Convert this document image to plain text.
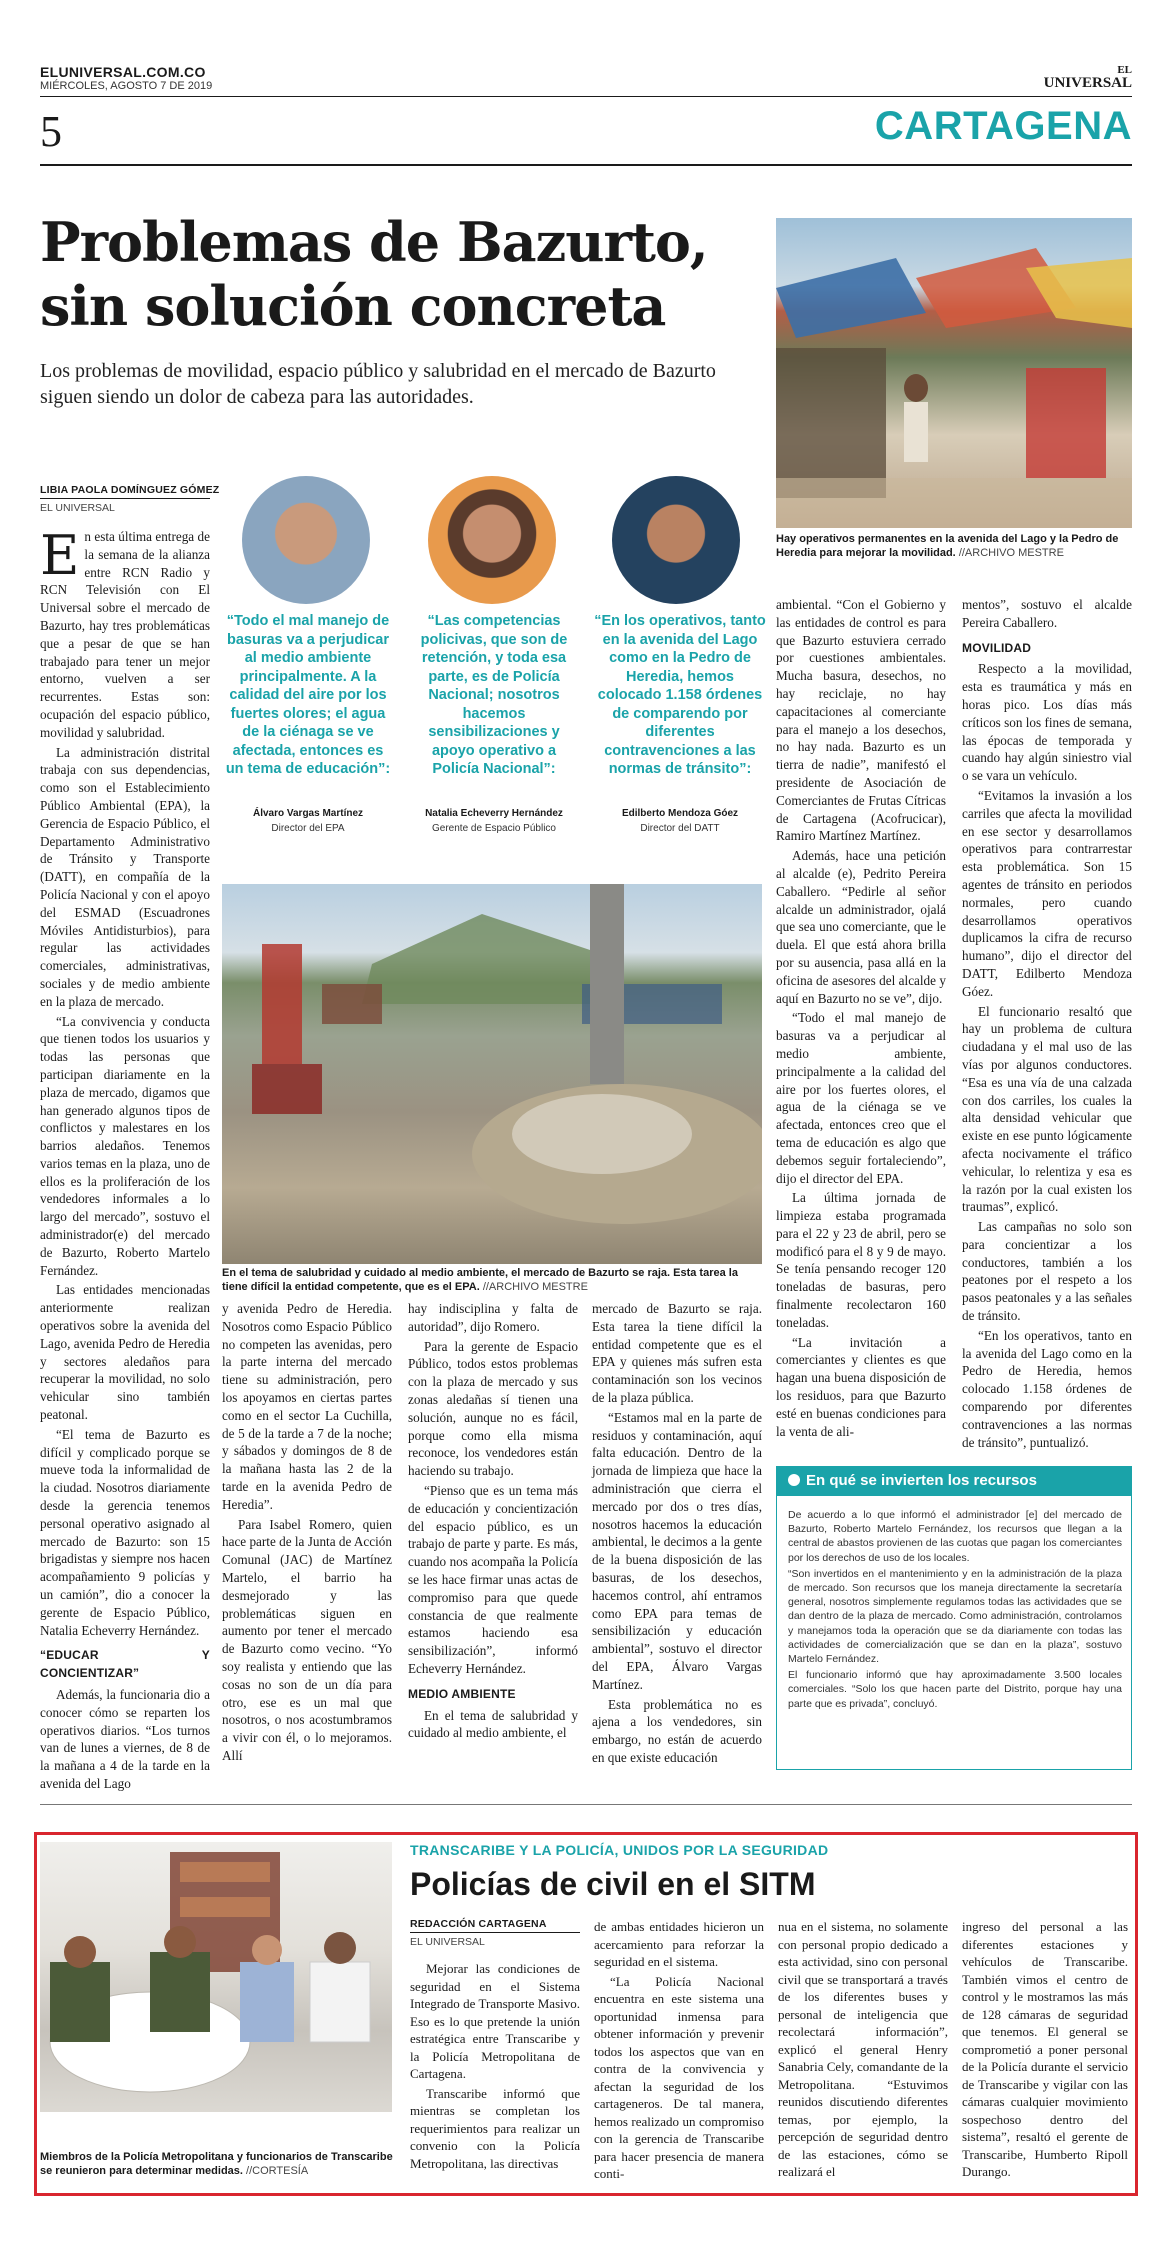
ELUNIVERSAL.COM.CO
MIÉRCOLES, AGOSTO 7 DE 2019
EL
UNIVERSAL
5	CARTAGENA
Problemas de Bazurto, sin solución concreta
Los problemas de movilidad, espacio público y salubridad en el mercado de Bazurto siguen siendo un dolor de cabeza para las autoridades.
Hay operativos permanentes en la avenida del Lago y la Pedro de Heredia para mejorar la movilidad. //ARCHIVO MESTRE
LIBIA PAOLA DOMÍNGUEZ GÓMEZ
EL UNIVERSAL

En esta última entrega de la semana de la alianza entre RCN Radio y RCN Televisión con El Universal sobre el mercado de Bazurto, hay tres problemáticas que a pesar de que se han trabajado para tener un mejor entorno, vuelven a ser recurrentes. Estas son: ocupación del espacio público, movilidad y salubridad.

La administración distrital trabaja con sus dependencias, como son el Establecimiento Público Ambiental (EPA), la Gerencia de Espacio Público, el Departamento Administrativo de Tránsito y Transporte (DATT), en compañía de la Policía Nacional y con el apoyo del ESMAD (Escuadrones Móviles Antidisturbios), para regular las actividades comerciales, administrativas, sociales y de medio ambiente en la plaza de mercado.

“La convivencia y conducta que tienen todos los usuarios y todas las personas que participan diariamente en la plaza de mercado, digamos que han generado algunos tipos de conflictos y malestares en los barrios aledaños. Tenemos varios temas en la plaza, uno de ellos es la proliferación de los vendedores informales a lo largo del mercado”, sostuvo el administrador(e) del mercado de Bazurto, Roberto Martelo Fernández.

Las entidades mencionadas anteriormente realizan operativos sobre la avenida del Lago, avenida Pedro de Heredia y sectores aledaños para recuperar la movilidad, no solo vehicular sino también peatonal.

“El tema de Bazurto es difícil y complicado porque se mueve toda la informalidad de la ciudad. Nosotros diariamente desde la gerencia tenemos personal operativo asignado al mercado de Bazurto: son 15 brigadistas y siempre nos hacen acompañamiento 9 policías y un camión”, dio a conocer la gerente de Espacio Público, Natalia Echeverry Hernández.

“EDUCAR Y CONCIENTIZAR”

Además, la funcionaria dio a conocer cómo se reparten los operativos diarios. “Los turnos van de lunes a viernes, de 8 de la mañana a 4 de la tarde en la avenida del Lago

“Todo el mal manejo de basuras va a perjudicar al medio ambiente principalmente. A la calidad del aire por los fuertes olores; el agua de la ciénaga se ve afectada, entonces es un tema de educación”:
“Las competencias policivas, que son de retención, y toda esa parte, es de Policía Nacional; nosotros hacemos sensibilizaciones y apoyo operativo a Policía Nacional”:
“En los operativos, tanto en la avenida del Lago como en la Pedro de Heredia, hemos colocado 1.158 órdenes de comparendo por diferentes contravenciones a las normas de tránsito”:
Álvaro Vargas Martínez
Director del EPA
Natalia Echeverry Hernández
Gerente de Espacio Público
Edilberto Mendoza Góez
Director del DATT
En el tema de salubridad y cuidado al medio ambiente, el mercado de Bazurto se raja. Esta tarea la tiene difícil la entidad competente, que es el EPA. //ARCHIVO MESTRE

y avenida Pedro de Heredia. Nosotros como Espacio Público no competen las avenidas, pero la parte interna del mercado tiene su administración, pero los apoyamos en ciertas partes como en el sector La Cuchilla, de 5 de la tarde a 7 de la noche; y sábados y domingos de 8 de la mañana hasta las 2 de la tarde en la avenida Pedro de Heredia”.

Para Isabel Romero, quien hace parte de la Junta de Acción Comunal (JAC) de Martínez Martelo, el barrio ha desmejorado y las problemáticas siguen en aumento por tener el mercado de Bazurto como vecino. “Yo soy realista y entiendo que las cosas no son de un día para otro, ese es un mal que nosotros, o nos acostumbramos a vivir con él, o lo mejoramos. Allí

hay indisciplina y falta de autoridad”, dijo Romero.

Para la gerente de Espacio Público, todos estos problemas con la plaza de mercado y sus zonas aledañas sí tienen una solución, aunque no es fácil, porque como ella misma reconoce, los vendedores están haciendo su trabajo.

“Pienso que es un tema más de educación y concientización del espacio público, es un trabajo de parte y parte. Es más, cuando nos acompaña la Policía se les hace firmar unas actas de compromiso para que quede constancia de que realmente estamos haciendo esa sensibilización”, informó Echeverry Hernández.

MEDIO AMBIENTE

En el tema de salubridad y cuidado al medio ambiente, el

mercado de Bazurto se raja. Esta tarea la tiene difícil la entidad competente que es el EPA y quienes más sufren esta contaminación son los vecinos de la plaza pública.

“Estamos mal en la parte de residuos y contaminación, aquí falta educación. Dentro de la jornada de limpieza que hace la administración que cierra el mercado por dos o tres días, nosotros hacemos la educación ambiental, le decimos a la gente de la buena disposición de las basuras, de los desechos, hacemos control, ahí entramos como EPA para temas de sensibilización y educación ambiental”, sostuvo el director del EPA, Álvaro Vargas Martínez.

Esta problemática no es ajena a los vendedores, sin embargo, no están de acuerdo en que existe educación

ambiental. “Con el Gobierno y las entidades de control es para que Bazurto estuviera cerrado por cuestiones ambientales. Mucha basura, desechos, no hay reciclaje, no hay capacitaciones al comerciante para el manejo a los desechos, no hay nada. Bazurto es un tierra de nadie”, manifestó el presidente de Asociación de Comerciantes de Frutas Cítricas de Cartagena (Acofrucicar), Ramiro Martínez Martínez.

Además, hace una petición al alcalde (e), Pedrito Pereira Caballero. “Pedirle al señor alcalde un administrador, ojalá que sea uno comerciante, que le duela. El que está ahora brilla por su ausencia, pasa allá en la oficina de asesores del alcalde y aquí en Bazurto no se ve”, dijo.

“Todo el mal manejo de basuras va a perjudicar al medio ambiente, principalmente a la calidad del aire por los fuertes olores, el agua de la ciénaga se ve afectada, entonces creo que el tema de educación es algo que debemos seguir fortaleciendo”, dijo el director del EPA.

La última jornada de limpieza estaba programada para el 22 y 23 de abril, pero se modificó para el 8 y 9 de mayo. Se tenía pensando recoger 120 toneladas de basuras, pero finalmente recolectaron 160 toneladas.

“La invitación a comerciantes y clientes es que hagan una buena disposición de los residuos, para que Bazurto esté en buenas condiciones para la venta de ali-

mentos”, sostuvo el alcalde Pereira Caballero.

MOVILIDAD

Respecto a la movilidad, esta es traumática y más en horas pico. Los días más críticos son los fines de semana, las épocas de temporada y cuando hay algún siniestro vial o se vara un vehículo.

“Evitamos la invasión a los carriles que afecta la movilidad en ese sector y desarrollamos operativos para contrarrestar esta problemática. Son 15 agentes de tránsito en periodos normales, pero cuando desarrollamos operativos duplicamos la cifra de recurso humano”, dijo el director del DATT, Edilberto Mendoza Góez.

El funcionario resaltó que hay un problema de cultura ciudadana y el mal uso de las vías por algunos conductores. “Esa es una vía de una calzada con dos carriles, los cuales la alta densidad vehicular que existe en ese punto lógicamente afecta nocivamente el tráfico vehicular, lo relentiza y esa es la razón por la cual existen los traumas”, explicó.

Las campañas no solo son para concientizar a los conductores, también a los peatones por el respeto a los pasos peatonales y a las señales de tránsito.

“En los operativos, tanto en la avenida del Lago como en la Pedro de Heredia, hemos colocado 1.158 órdenes de comparendo por diferentes contravenciones a las normas de tránsito”, puntualizó.

En qué se invierten los recursos

De acuerdo a lo que informó el administrador [e] del mercado de Bazurto, Roberto Martelo Fernández, los recursos que llegan a la central de abastos provienen de las cuotas que pagan los comerciantes por los derechos de uso de los locales.

“Son invertidos en el mantenimiento y en la administración de la plaza de mercado. Son recursos que los maneja directamente la secretaría general, nosotros simplemente regulamos todas las actividades que se dan dentro de la plaza de mercado. Como administración, controlamos y manejamos toda la operación que se da diariamente con todas las actividades de comercialización que se dan en la plaza”, sostuvo Martelo Fernández.

El funcionario informó que hay aproximadamente 3.500 locales comerciales. “Solo los que hacen parte del Distrito, porque hay una parte que es privada”, concluyó.

Miembros de la Policía Metropolitana y funcionarios de Transcaribe se reunieron para determinar medidas. //CORTESÍA
TRANSCARIBE Y LA POLICÍA, UNIDOS POR LA SEGURIDAD
Policías de civil en el SITM
REDACCIÓN CARTAGENA
EL UNIVERSAL

Mejorar las condiciones de seguridad en el Sistema Integrado de Transporte Masivo. Eso es lo que pretende la unión estratégica entre Transcaribe y la Policía Metropolitana de Cartagena.

Transcaribe informó que mientras se completan los requerimientos para realizar un convenio con la Policía Metropolitana, las directivas

de ambas entidades hicieron un acercamiento para reforzar la seguridad en el sistema.

“La Policía Nacional encuentra en este sistema una oportunidad inmensa para obtener información y prevenir todos los aspectos que van en contra de la convivencia y afectan la seguridad de los cartageneros. De tal manera, hemos realizado un compromiso con la gerencia de Transcaribe para hacer presencia de manera conti-

nua en el sistema, no solamente con personal propio dedicado a esta actividad, sino con personal civil que se transportará a través de los diferentes buses y personal de inteligencia que recolectará información”, explicó el general Henry Sanabria Cely, comandante de la Metropolitana. “Estuvimos reunidos discutiendo diferentes temas, por ejemplo, la percepción de seguridad dentro de las estaciones, cómo se realizará el

ingreso del personal a las diferentes estaciones y vehículos de Transcaribe. También vimos el centro de control y le mostramos las más de 128 cámaras de seguridad que tenemos. El general se comprometió a poner personal de la Policía durante el servicio de Transcaribe y vigilar con las cámaras cualquier movimiento sospechoso dentro del sistema”, resaltó el gerente de Transcaribe, Humberto Ripoll Durango.
